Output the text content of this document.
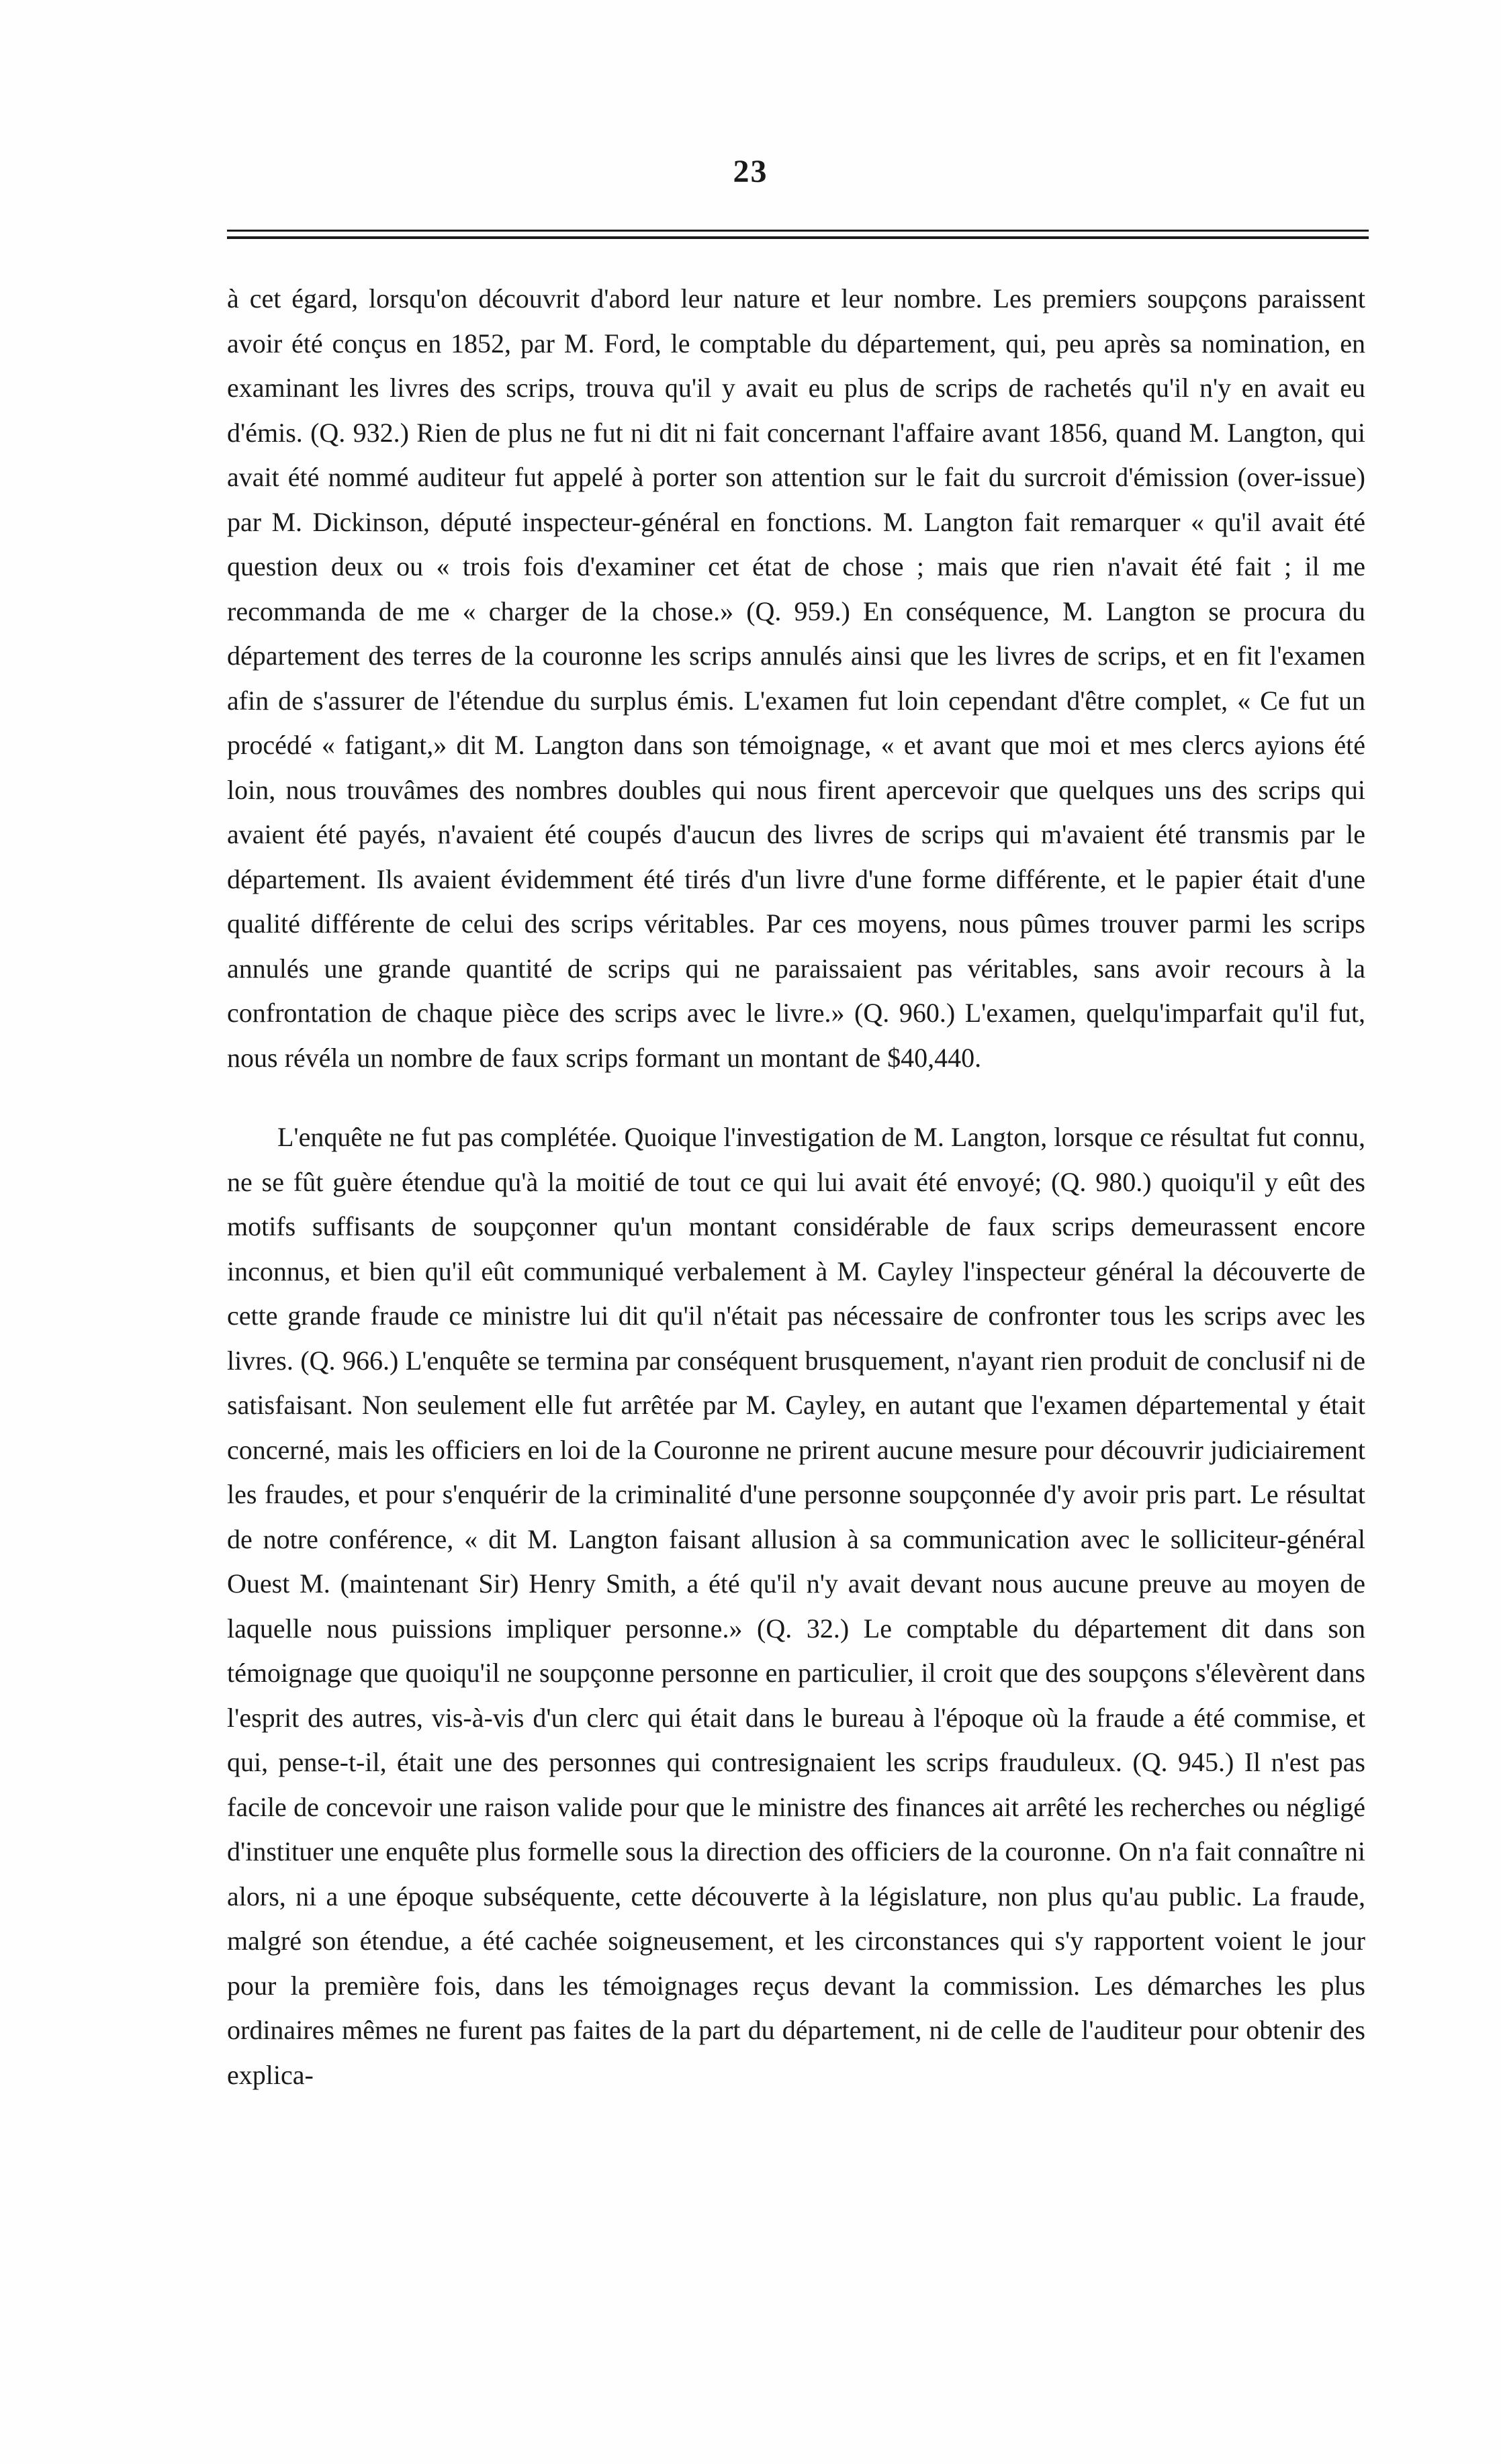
23

à cet égard, lorsqu'on découvrit d'abord leur nature et leur nombre. Les premiers soupçons paraissent avoir été conçus en 1852, par M. Ford, le comptable du département, qui, peu après sa nomination, en examinant les livres des scrips, trouva qu'il y avait eu plus de scrips de rachetés qu'il n'y en avait eu d'émis. (Q. 932.) Rien de plus ne fut ni dit ni fait concernant l'affaire avant 1856, quand M. Langton, qui avait été nommé auditeur fut appelé à porter son attention sur le fait du surcroit d'émission (over-issue) par M. Dickinson, député inspecteur-général en fonctions. M. Langton fait remarquer « qu'il avait été question deux ou « trois fois d'examiner cet état de chose ; mais que rien n'avait été fait ; il me recommanda de me « charger de la chose.» (Q. 959.) En conséquence, M. Langton se procura du département des terres de la couronne les scrips annulés ainsi que les livres de scrips, et en fit l'examen afin de s'assurer de l'étendue du surplus émis. L'examen fut loin cependant d'être complet, « Ce fut un procédé « fatigant,» dit M. Langton dans son témoignage, « et avant que moi et mes clercs ayions été loin, nous trouvâmes des nombres doubles qui nous firent apercevoir que quelques uns des scrips qui avaient été payés, n'avaient été coupés d'aucun des livres de scrips qui m'avaient été transmis par le département. Ils avaient évidemment été tirés d'un livre d'une forme différente, et le papier était d'une qualité différente de celui des scrips véritables. Par ces moyens, nous pûmes trouver parmi les scrips annulés une grande quantité de scrips qui ne paraissaient pas véritables, sans avoir recours à la confrontation de chaque pièce des scrips avec le livre.» (Q. 960.) L'examen, quelqu'imparfait qu'il fut, nous révéla un nombre de faux scrips formant un montant de $40,440.

L'enquête ne fut pas complétée. Quoique l'investigation de M. Langton, lorsque ce résultat fut connu, ne se fût guère étendue qu'à la moitié de tout ce qui lui avait été envoyé; (Q. 980.) quoiqu'il y eût des motifs suffisants de soupçonner qu'un montant considérable de faux scrips demeurassent encore inconnus, et bien qu'il eût communiqué verbalement à M. Cayley l'inspecteur général la découverte de cette grande fraude ce ministre lui dit qu'il n'était pas nécessaire de confronter tous les scrips avec les livres. (Q. 966.) L'enquête se termina par conséquent brusquement, n'ayant rien produit de conclusif ni de satisfaisant. Non seulement elle fut arrêtée par M. Cayley, en autant que l'examen départemental y était concerné, mais les officiers en loi de la Couronne ne prirent aucune mesure pour découvrir judiciairement les fraudes, et pour s'enquérir de la criminalité d'une personne soupçonnée d'y avoir pris part. Le résultat de notre conférence, « dit M. Langton faisant allusion à sa communication avec le solliciteur-général Ouest M. (maintenant Sir) Henry Smith, a été qu'il n'y avait devant nous aucune preuve au moyen de laquelle nous puissions impliquer personne.» (Q. 32.) Le comptable du département dit dans son témoignage que quoiqu'il ne soupçonne personne en particulier, il croit que des soupçons s'élevèrent dans l'esprit des autres, vis-à-vis d'un clerc qui était dans le bureau à l'époque où la fraude a été commise, et qui, pense-t-il, était une des personnes qui contresignaient les scrips frauduleux. (Q. 945.) Il n'est pas facile de concevoir une raison valide pour que le ministre des finances ait arrêté les recherches ou négligé d'instituer une enquête plus formelle sous la direction des officiers de la couronne. On n'a fait connaître ni alors, ni a une époque subséquente, cette découverte à la législature, non plus qu'au public. La fraude, malgré son étendue, a été cachée soigneusement, et les circonstances qui s'y rapportent voient le jour pour la première fois, dans les témoignages reçus devant la commission. Les démarches les plus ordinaires mêmes ne furent pas faites de la part du département, ni de celle de l'auditeur pour obtenir des explica-
